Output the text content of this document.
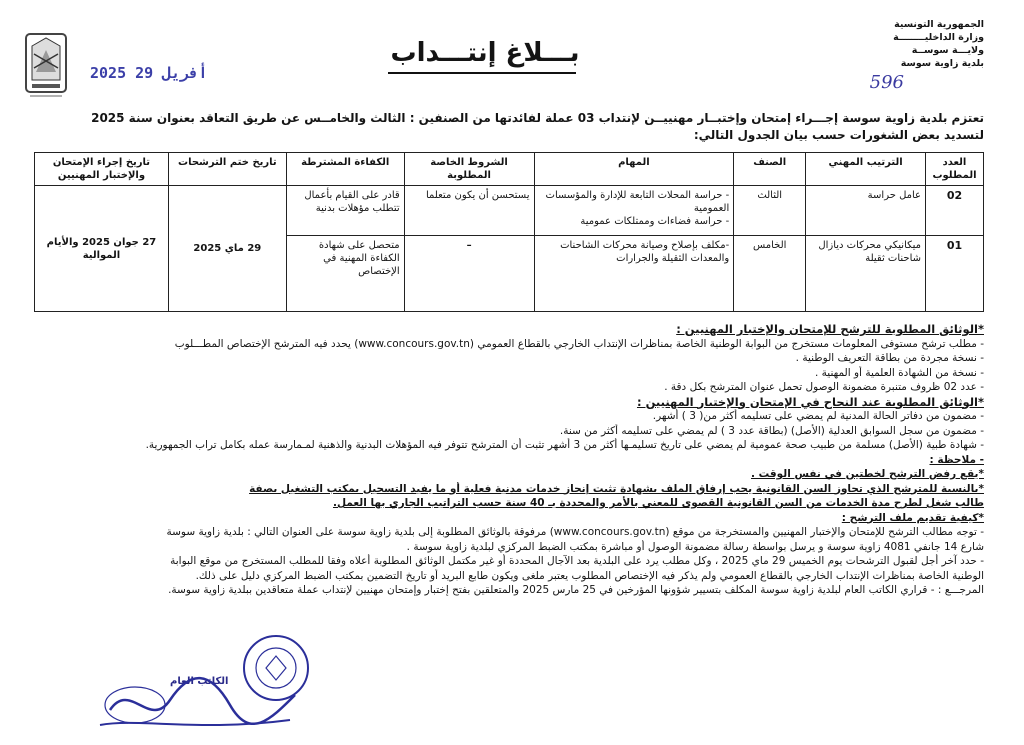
2025 أفريل 29
بـــلاغ إنتـــداب
الجمهورية التونسية
وزارة الداخليــــــــة
ولايـــة سوســة
بلدية زاوية سوسة
596
تعتزم بلدية زاوية سوسة إجـــراء إمتحان وإختبــار مهنييــن لإنتداب 03 عملة لفائدتها من الصنفين : الثالث والخامــس عن طريق التعاقد بعنوان سنة 2025
لتسديد بعض الشغورات حسب بيان الجدول التالي:
العدد المطلوب	الترتيب المهني	الصنف	المهام	الشروط الخاصة المطلوبة	الكفاءة المشترطة	تاريخ ختم الترشحات	تاريخ إجراء الإمتحان والإختبار المهنيين
02	عامل حراسة	الثالث	- حراسة المحلات التابعة للإدارة والمؤسسات العمومية
- حراسة فضاءات وممتلكات عمومية	يستحسن أن يكون متعلما	قادر على القيام بأعمال تتطلب مؤهلات بدنية	29 ماي 2025	27 جوان 2025 والأيام الموالية
01	ميكانيكي محركات ديازال شاحنات ثقيلة	الخامس	-مكلف بإصلاح وصيانة محركات الشاحنات والمعدات الثقيلة والجرارات	–	متحصل على شهادة الكفاءة المهنية في الإختصاص		
*الوثائق المطلوبة للترشح للإمتحان والإختبار المهنيين :
- مطلب ترشح مستوفى المعلومات مستخرج من البوابة الوطنية الخاصة بمناظرات الإنتداب الخارجي بالقطاع العمومي (www.concours.gov.tn) يحدد فيه المترشح الإختصاص المطـــلوب
- نسخة مجردة من بطاقة التعريف الوطنية .
- نسخة من الشهادة العلمية أو المهنية .
- عدد 02 ظروف متنبرة مضمونة الوصول تحمل عنوان المترشح بكل دقة .
*الوثائق المطلوبة عند النجاح في الإمتحان والإختبار المهنيين :
- مضمون من دفاتر الحالة المدنية لم يمضي على تسليمه أكثر من( 3 ) أشهر.
- مضمون من سجل السوابق العدلية (الأصل) (بطاقة عدد 3 ) لم يمضي على تسليمه أكثر من سنة.
- شهادة طبية (الأصل) مسلمة من طبيب صحة عمومية لم يمضي على تاريخ تسليمـها أكثر من 3 أشهر تثبت أن المترشح تتوفر فيه المؤهلات البدنية والذهنية لمـمارسة عمله بكامل تراب الجمهورية.
- ملاحظة :
*يقع رفض الترشح لخطتين في نفس الوقت .
*بالنسبة للمترشح الذي تجاوز السن القانونية يجب إرفاق الملف بشهادة تثبت إنجاز خدمات مدنية فعلية أو ما يفيد التسجيل بمكتب التشغيل بصفة
طالب شغل لطرح مدة الخدمات من السن القانونية القصوى للمعني بالأمر والمحددة بـ 40 سنة حسب التراتيب الجاري بها العمل.
*كيفية تقديم ملف الترشح :
- توجه مطالب الترشح للإمتحان والإختبار المهنيين والمستخرجة من موقع (www.concours.gov.tn) مرفوقة بالوثائق المطلوبة إلى بلدية زاوية سوسة على العنوان التالي : بلدية زاوية سوسة
شارع 14 جانفي 4081 زاوية سوسة و يرسل بواسطة رسالة مضمونة الوصول أو مباشرة بمكتب الضبط المركزي لبلدية زاوية سوسة .
- حدد آخر أجل لقبول الترشحات يوم الخميس 29 ماي 2025 ، وكل مطلب يرد على البلدية بعد الآجال المحددة أو غير مكتمل الوثائق المطلوبة أعلاه وفقا للمطلب المستخرج من موقع البوابة
الوطنية الخاصة بمناظرات الإنتداب الخارجي بالقطاع العمومي ولم يذكر فيه الإختصاص المطلوب يعتبر ملغى ويكون طابع البريد أو تاريخ التضمين بمكتب الضبط المركزي دليل على ذلك.
المرجـــع : - قراري الكاتب العام لبلدية زاوية سوسة المكلف بتسيير شؤونها المؤرخين في 25 مارس 2025 والمتعلقين بفتح إختبار وإمتحان مهنيين لإنتداب عملة متعاقدين ببلدية زاوية سوسة.
الكاتب العام
